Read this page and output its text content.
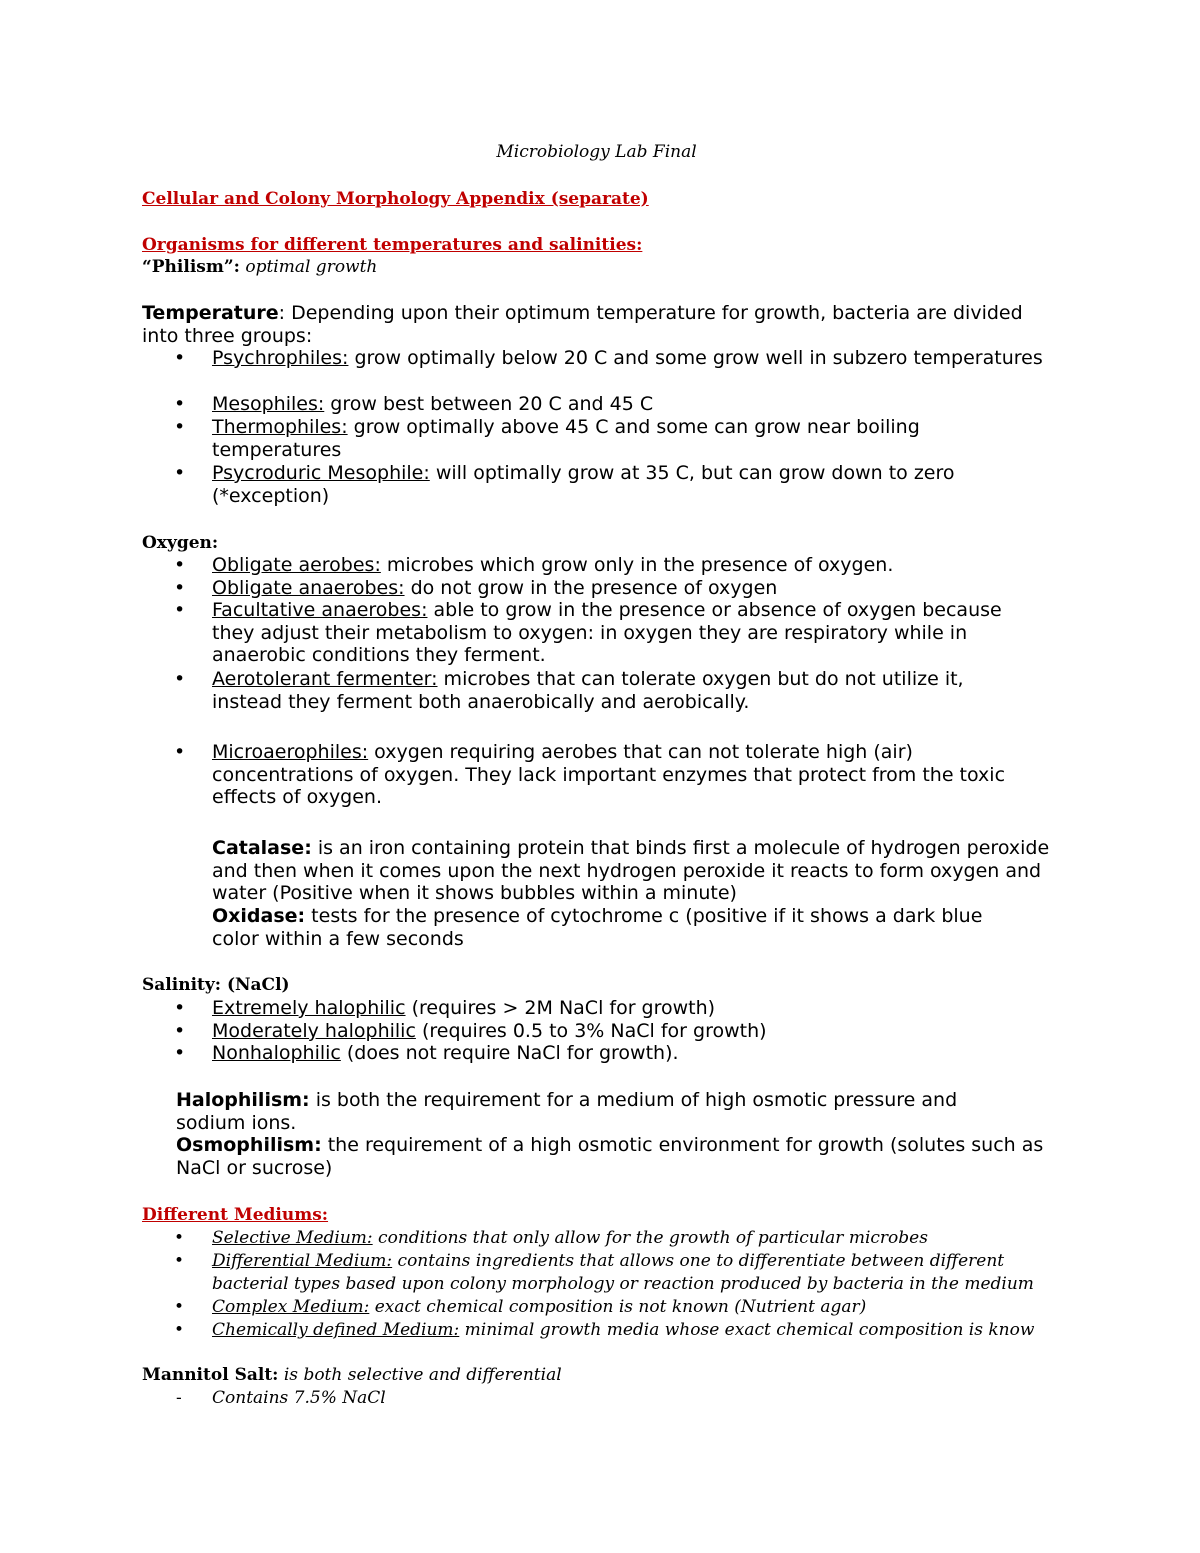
Microbiology Lab Final
Cellular and Colony Morphology Appendix (separate)
Organisms for different temperatures and salinities:
“Philism”: optimal growth
Temperature: Depending upon their optimum temperature for growth, bacteria are divided into three groups:
• Psychrophiles: grow optimally below 20 C and some grow well in subzero temperatures
• Mesophiles: grow best between 20 C and 45 C
• Thermophiles: grow optimally above 45 C and some can grow near boiling temperatures
• Psycroduric Mesophile: will optimally grow at 35 C, but can grow down to zero (*exception)
Oxygen:
• Obligate aerobes: microbes which grow only in the presence of oxygen.
• Obligate anaerobes: do not grow in the presence of oxygen
• Facultative anaerobes: able to grow in the presence or absence of oxygen because they adjust their metabolism to oxygen: in oxygen they are respiratory while in anaerobic conditions they ferment.
• Aerotolerant fermenter: microbes that can tolerate oxygen but do not utilize it, instead they ferment both anaerobically and aerobically.
• Microaerophiles: oxygen requiring aerobes that can not tolerate high (air) concentrations of oxygen. They lack important enzymes that protect from the toxic effects of oxygen.
Catalase: is an iron containing protein that binds first a molecule of hydrogen peroxide and then when it comes upon the next hydrogen peroxide it reacts to form oxygen and water (Positive when it shows bubbles within a minute)
Oxidase: tests for the presence of cytochrome c (positive if it shows a dark blue color within a few seconds
Salinity: (NaCl)
• Extremely halophilic (requires > 2M NaCl for growth)
• Moderately halophilic (requires 0.5 to 3% NaCl for growth)
• Nonhalophilic (does not require NaCl for growth).
Halophilism: is both the requirement for a medium of high osmotic pressure and sodium ions.
Osmophilism: the requirement of a high osmotic environment for growth (solutes such as NaCl or sucrose)
Different Mediums:
• Selective Medium: conditions that only allow for the growth of particular microbes
• Differential Medium: contains ingredients that allows one to differentiate between different bacterial types based upon colony morphology or reaction produced by bacteria in the medium
• Complex Medium: exact chemical composition is not known (Nutrient agar)
• Chemically defined Medium: minimal growth media whose exact chemical composition is know
Mannitol Salt: is both selective and differential
- Contains 7.5% NaCl
